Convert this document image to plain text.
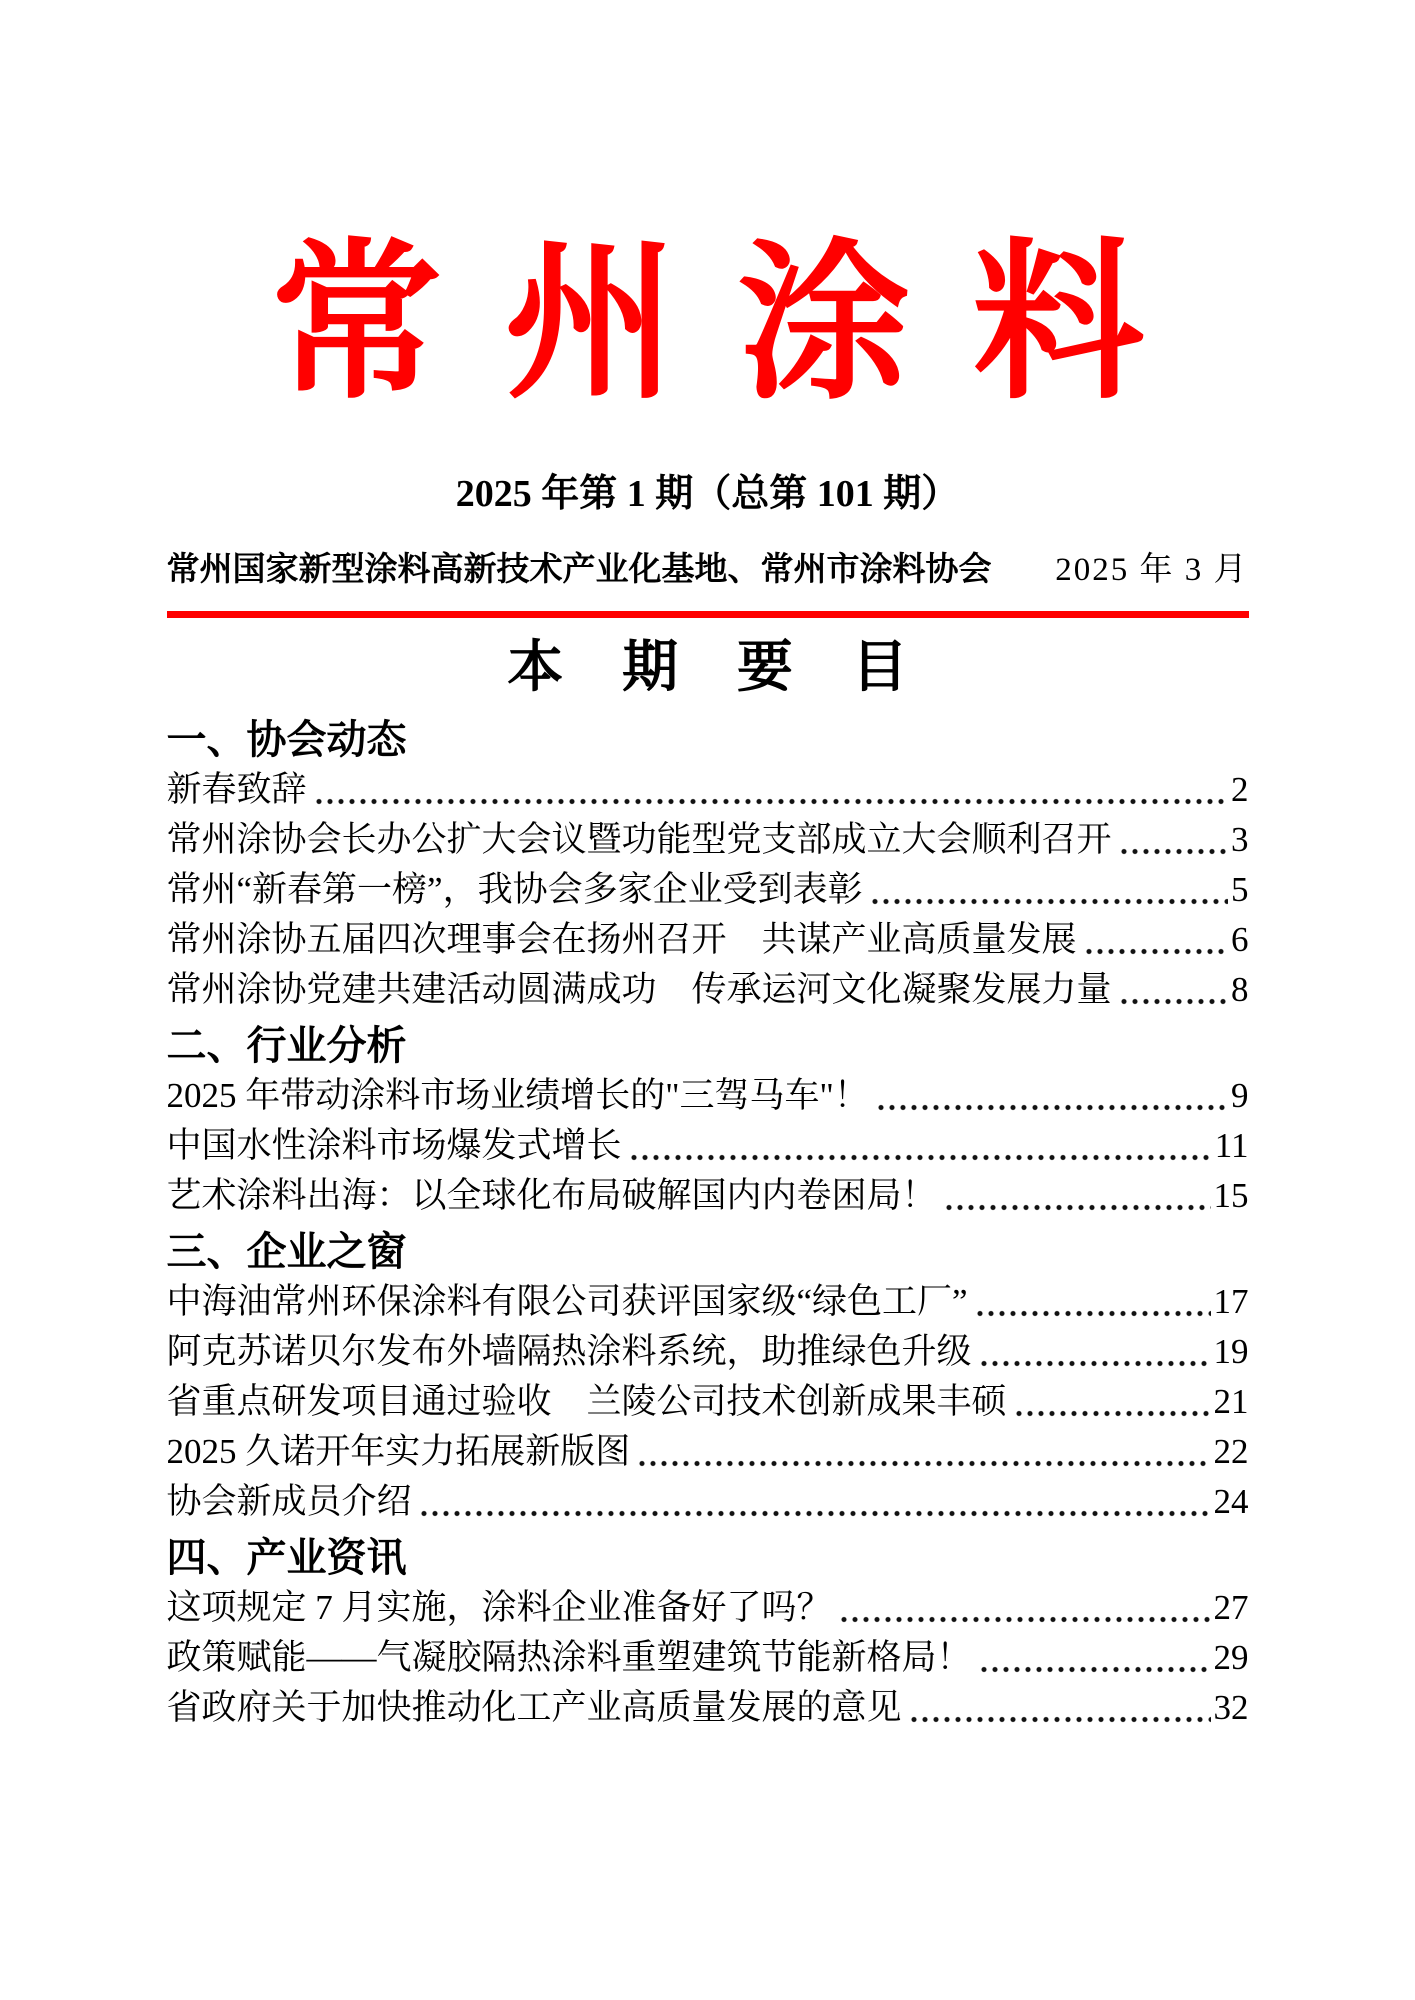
常州涂料
2025 年第 1 期（总第 101 期）
常州国家新型涂料高新技术产业化基地、常州市涂料协会 2025 年 3 月
本期要目
一、协会动态
新春致辞	2
常州涂协会长办公扩大会议暨功能型党支部成立大会顺利召开	3
常州“新春第一榜”，我协会多家企业受到表彰	5
常州涂协五届四次理事会在扬州召开　共谋产业高质量发展	6
常州涂协党建共建活动圆满成功　传承运河文化凝聚发展力量	8
二、行业分析
2025 年带动涂料市场业绩增长的"三驾马车"！	9
中国水性涂料市场爆发式增长	11
艺术涂料出海：以全球化布局破解国内内卷困局！	15
三、企业之窗
中海油常州环保涂料有限公司获评国家级“绿色工厂”	17
阿克苏诺贝尔发布外墙隔热涂料系统，助推绿色升级	19
省重点研发项目通过验收　兰陵公司技术创新成果丰硕	21
2025 久诺开年实力拓展新版图	22
协会新成员介绍	24
四、产业资讯
这项规定 7 月实施，涂料企业准备好了吗？	27
政策赋能——气凝胶隔热涂料重塑建筑节能新格局！	29
省政府关于加快推动化工产业高质量发展的意见	32
